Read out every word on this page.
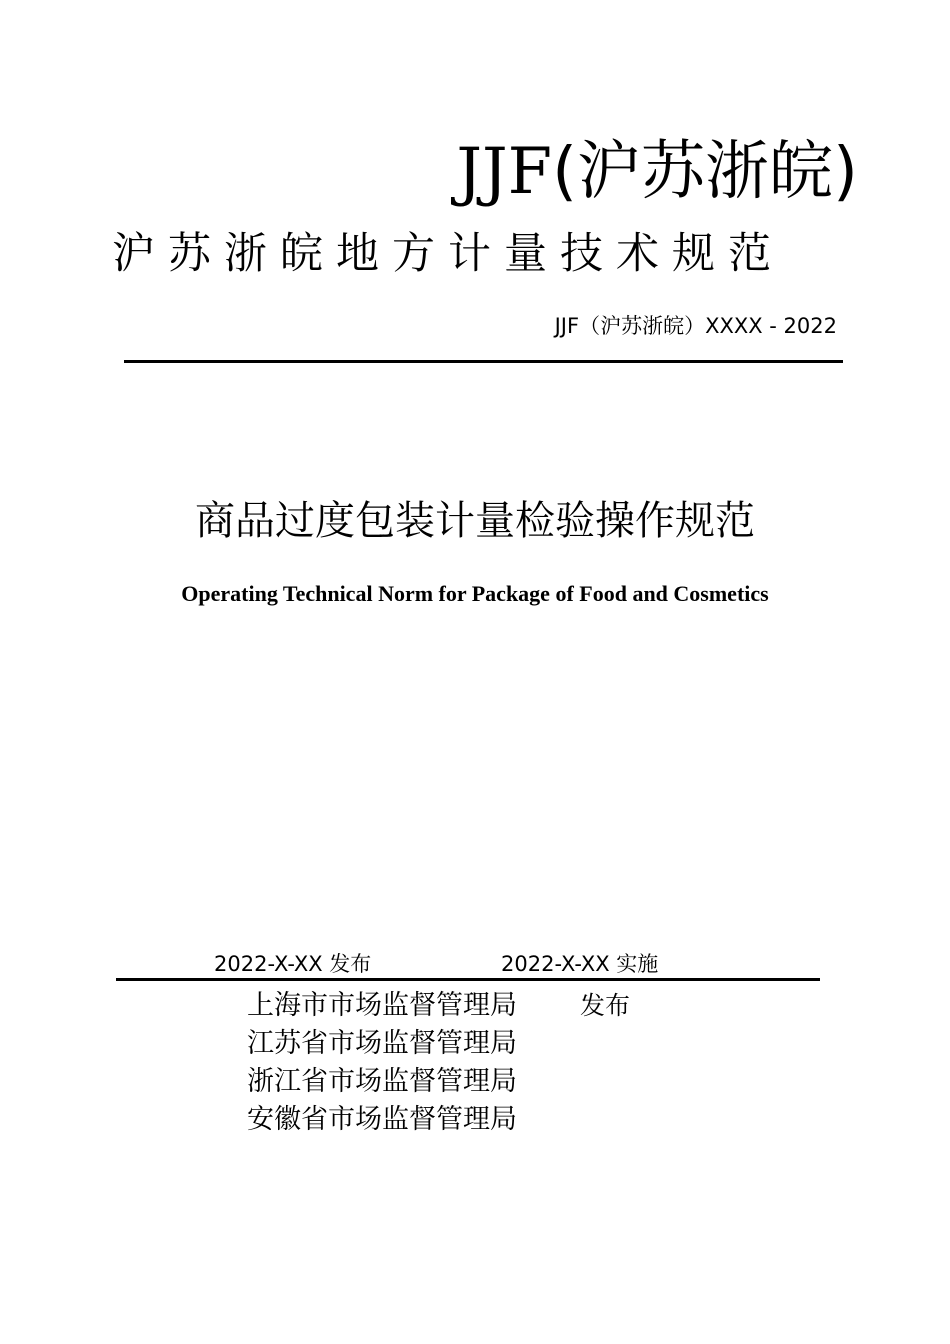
JJF(沪苏浙皖)
沪苏浙皖地方计量技术规范
JJF（沪苏浙皖）XXXX - 2022
商品过度包装计量检验操作规范
Operating Technical Norm for Package of Food and Cosmetics
2022-X-XX 发布	2022-X-XX 实施
上海市市场监督管理局
江苏省市场监督管理局
浙江省市场监督管理局
安徽省市场监督管理局
发布
